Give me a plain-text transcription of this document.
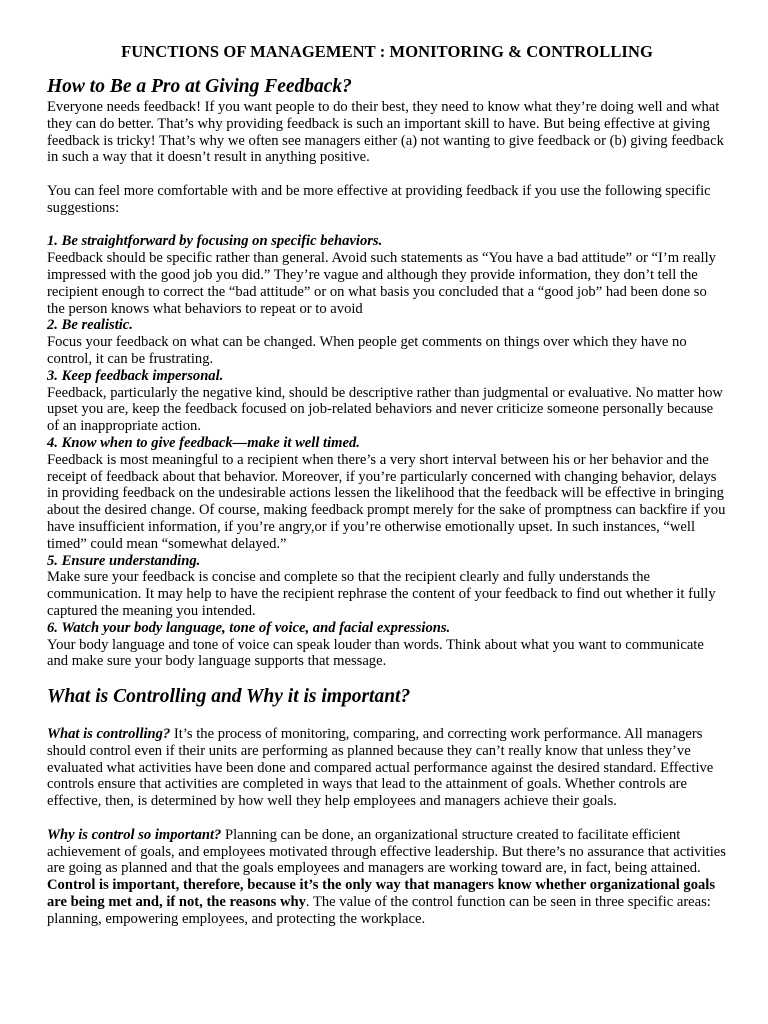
FUNCTIONS OF MANAGEMENT : MONITORING & CONTROLLING
How to Be a Pro at Giving Feedback?

Everyone needs feedback! If you want people to do their best, they need to know what they’re doing well and what they can do better. That’s why providing feedback is such an important skill to have. But being effective at giving feedback is tricky! That’s why we often see managers either (a) not wanting to give feedback or (b) giving feedback in such a way that it doesn’t result in anything positive.

You can feel more comfortable with and be more effective at providing feedback if you use the following specific suggestions:

1. Be straightforward by focusing on specific behaviors.

Feedback should be specific rather than general. Avoid such statements as “You have a bad attitude” or “I’m really impressed with the good job you did.” They’re vague and although they provide information, they don’t tell the recipient enough to correct the “bad attitude” or on what basis you concluded that a “good job” had been done so the person knows what behaviors to repeat or to avoid

2. Be realistic.

Focus your feedback on what can be changed. When people get comments on things over which they have no control, it can be frustrating.

3. Keep feedback impersonal.

Feedback, particularly the negative kind, should be descriptive rather than judgmental or evaluative. No matter how upset you are, keep the feedback focused on job-related behaviors and never criticize someone personally because of an inappropriate action.

4. Know when to give feedback—make it well timed.

Feedback is most meaningful to a recipient when there’s a very short interval between his or her behavior and the receipt of feedback about that behavior. Moreover, if you’re particularly concerned with changing behavior, delays in providing feedback on the undesirable actions lessen the likelihood that the feedback will be effective in bringing about the desired change. Of course, making feedback prompt merely for the sake of promptness can backfire if you have insufficient information, if you’re angry,or if you’re otherwise emotionally upset. In such instances, “well timed” could mean “somewhat delayed.”

5. Ensure understanding.

Make sure your feedback is concise and complete so that the recipient clearly and fully understands the communication. It may help to have the recipient rephrase the content of your feedback to find out whether it fully captured the meaning you intended.

6. Watch your body language, tone of voice, and facial expressions.

Your body language and tone of voice can speak louder than words. Think about what you want to communicate and make sure your body language supports that message.

What is Controlling and Why it is important?

What is controlling? It’s the process of monitoring, comparing, and correcting work performance. All managers should control even if their units are performing as planned because they can’t really know that unless they’ve evaluated what activities have been done and compared actual performance against the desired standard. Effective controls ensure that activities are completed in ways that lead to the attainment of goals. Whether controls are effective, then, is determined by how well they help employees and managers achieve their goals.

Why is control so important? Planning can be done, an organizational structure created to facilitate efficient achievement of goals, and employees motivated through effective leadership. But there’s no assurance that activities are going as planned and that the goals employees and managers are working toward are, in fact, being attained. Control is important, therefore, because it’s the only way that managers know whether organizational goals are being met and, if not, the reasons why. The value of the control function can be seen in three specific areas: planning, empowering employees, and protecting the workplace.
